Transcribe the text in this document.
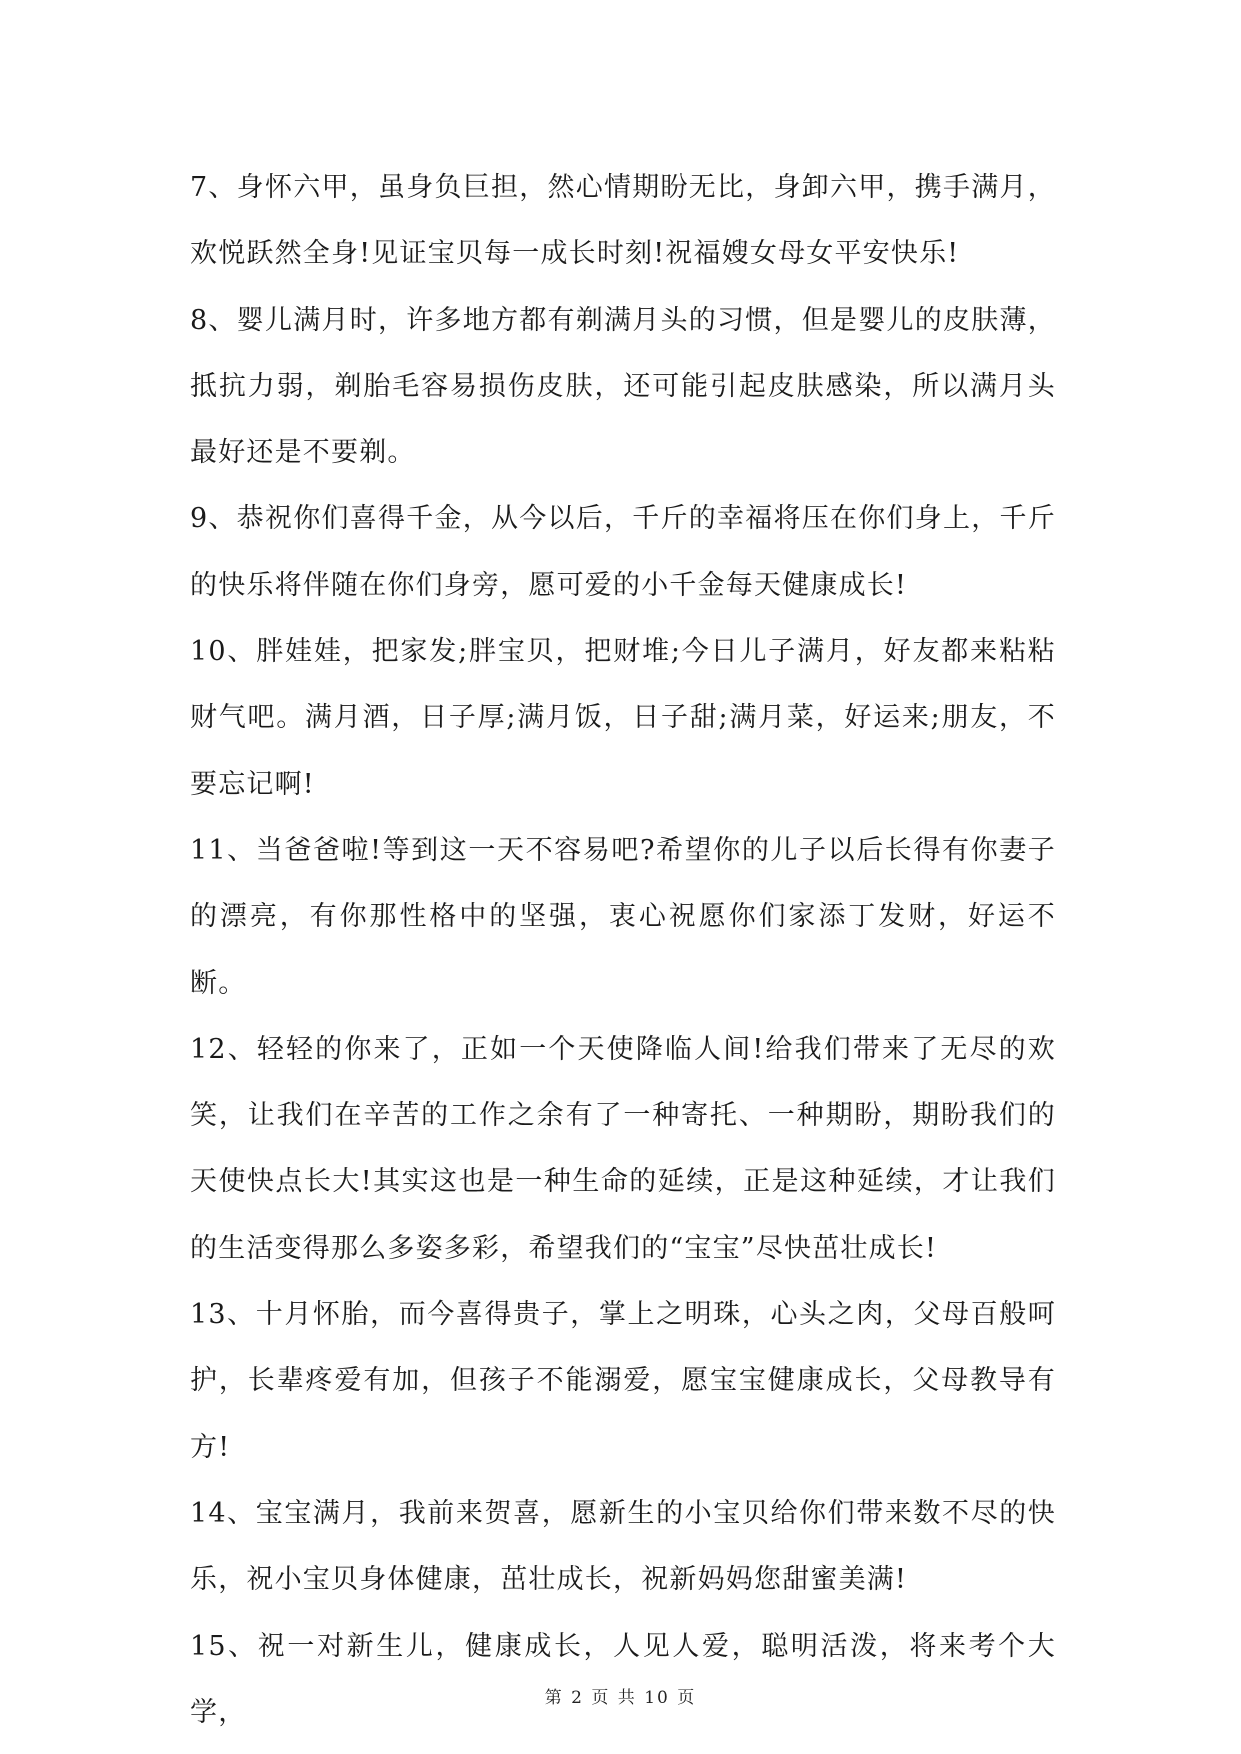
7、身怀六甲，虽身负巨担，然心情期盼无比，身卸六甲，携手满月，欢悦跃然全身!见证宝贝每一成长时刻!祝福嫂女母女平安快乐!

8、婴儿满月时，许多地方都有剃满月头的习惯，但是婴儿的皮肤薄，抵抗力弱，剃胎毛容易损伤皮肤，还可能引起皮肤感染，所以满月头最好还是不要剃。

9、恭祝你们喜得千金，从今以后，千斤的幸福将压在你们身上，千斤的快乐将伴随在你们身旁，愿可爱的小千金每天健康成长!

10、胖娃娃，把家发;胖宝贝，把财堆;今日儿子满月，好友都来粘粘财气吧。满月酒，日子厚;满月饭，日子甜;满月菜，好运来;朋友，不要忘记啊!

11、当爸爸啦!等到这一天不容易吧?希望你的儿子以后长得有你妻子的漂亮，有你那性格中的坚强，衷心祝愿你们家添丁发财，好运不断。

12、轻轻的你来了，正如一个天使降临人间!给我们带来了无尽的欢笑，让我们在辛苦的工作之余有了一种寄托、一种期盼，期盼我们的天使快点长大!其实这也是一种生命的延续，正是这种延续，才让我们的生活变得那么多姿多彩，希望我们的“宝宝”尽快茁壮成长!

13、十月怀胎，而今喜得贵子，掌上之明珠，心头之肉，父母百般呵护，长辈疼爱有加，但孩子不能溺爱，愿宝宝健康成长，父母教导有方!

14、宝宝满月，我前来贺喜，愿新生的小宝贝给你们带来数不尽的快乐，祝小宝贝身体健康，茁壮成长，祝新妈妈您甜蜜美满!

15、祝一对新生儿，健康成长，人见人爱，聪明活泼，将来考个大学，	第 2 页 共 10 页
